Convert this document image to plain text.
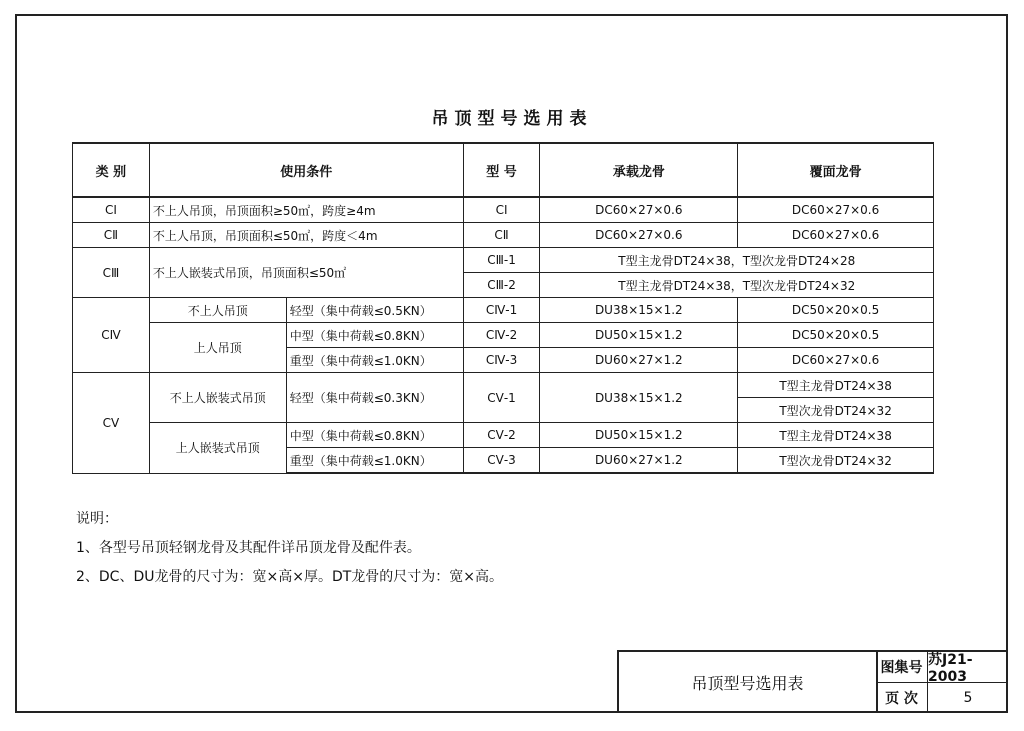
吊顶型号选用表
类 别	使用条件		型 号	承载龙骨	覆面龙骨
CⅠ	不上人吊顶，吊顶面积≥50㎡，跨度≥4m		CⅠ	DC60×27×0.6	DC60×27×0.6
CⅡ	不上人吊顶，吊顶面积≤50㎡，跨度＜4m		CⅡ	DC60×27×0.6	DC60×27×0.6
CⅢ	不上人嵌装式吊顶，吊顶面积≤50㎡		CⅢ-1	T型主龙骨DT24×38，T型次龙骨DT24×28	
			CⅢ-2	T型主龙骨DT24×38，T型次龙骨DT24×32	
CⅣ	不上人吊顶	轻型（集中荷载≤0.5KN）	CⅣ-1	DU38×15×1.2	DC50×20×0.5
	上人吊顶	中型（集中荷载≤0.8KN）	CⅣ-2	DU50×15×1.2	DC50×20×0.5
		重型（集中荷载≤1.0KN）	CⅣ-3	DU60×27×1.2	DC60×27×0.6
CⅤ	不上人嵌装式吊顶	轻型（集中荷载≤0.3KN）	CⅤ-1	DU38×15×1.2	T型主龙骨DT24×38
					T型次龙骨DT24×32
	上人嵌装式吊顶	中型（集中荷载≤0.8KN）	CⅤ-2	DU50×15×1.2	T型主龙骨DT24×38
		重型（集中荷载≤1.0KN）	CⅤ-3	DU60×27×1.2	T型次龙骨DT24×32
说明：
1、各型号吊顶轻钢龙骨及其配件详吊顶龙骨及配件表。
2、DC、DU龙骨的尺寸为：宽×高×厚。DT龙骨的尺寸为：宽×高。
吊顶型号选用表
图集号 苏J21-2003
页 次	5
